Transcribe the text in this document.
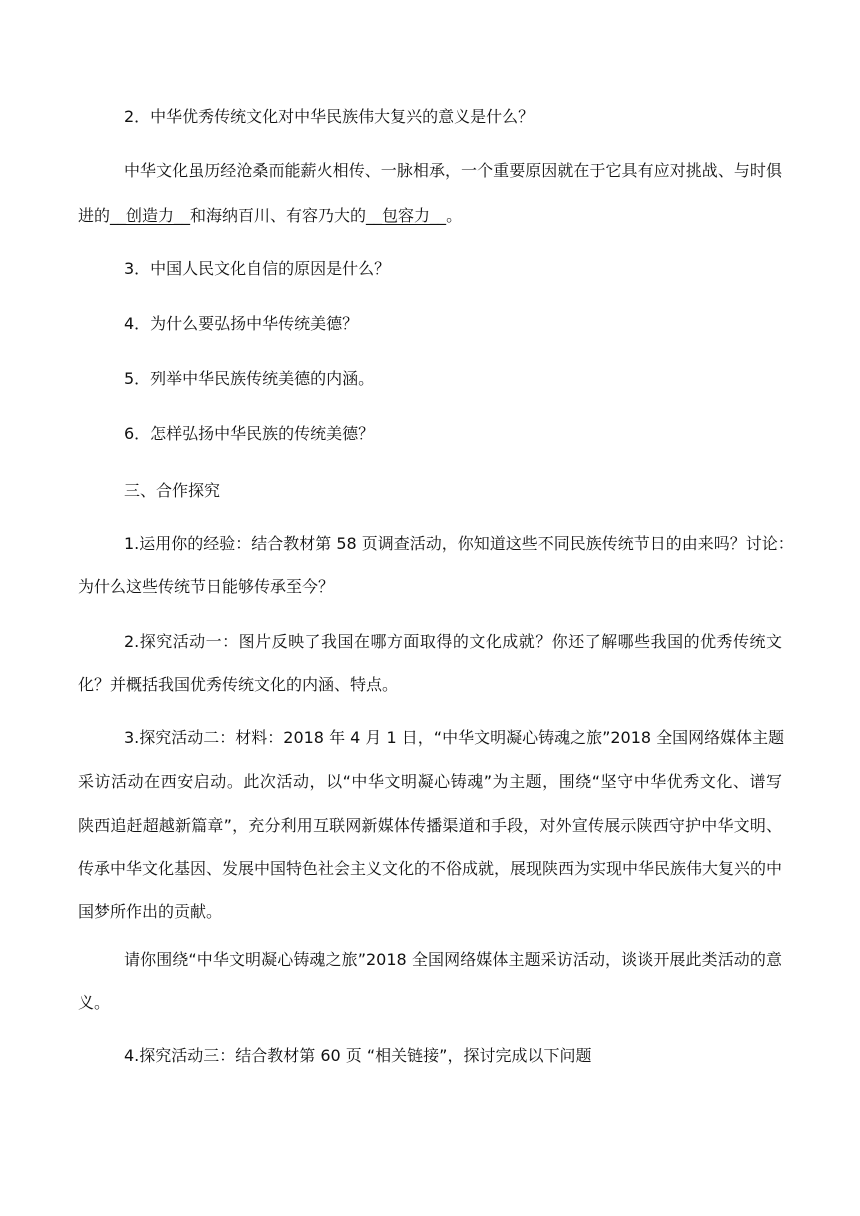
2．中华优秀传统文化对中华民族伟大复兴的意义是什么？
中华文化虽历经沧桑而能薪火相传、一脉相承，一个重要原因就在于它具有应对挑战、与时俱
进的__创造力__和海纳百川、有容乃大的__包容力__。
3．中国人民文化自信的原因是什么？
4．为什么要弘扬中华传统美德？
5．列举中华民族传统美德的内涵。
6．怎样弘扬中华民族的传统美德？
三、合作探究
1.运用你的经验：结合教材第 58 页调查活动，你知道这些不同民族传统节日的由来吗？讨论：
为什么这些传统节日能够传承至今？
2.探究活动一：图片反映了我国在哪方面取得的文化成就？你还了解哪些我国的优秀传统文
化？并概括我国优秀传统文化的内涵、特点。
3.探究活动二：材料：2018 年 4 月 1 日，“中华文明凝心铸魂之旅”2018 全国网络媒体主题
采访活动在西安启动。此次活动，以“中华文明凝心铸魂”为主题，围绕“坚守中华优秀文化、谱写
陕西追赶超越新篇章”，充分利用互联网新媒体传播渠道和手段，对外宣传展示陕西守护中华文明、
传承中华文化基因、发展中国特色社会主义文化的不俗成就，展现陕西为实现中华民族伟大复兴的中
国梦所作出的贡献。
请你围绕“中华文明凝心铸魂之旅”2018 全国网络媒体主题采访活动，谈谈开展此类活动的意
义。
4.探究活动三：结合教材第 60 页 “相关链接”，探讨完成以下问题
